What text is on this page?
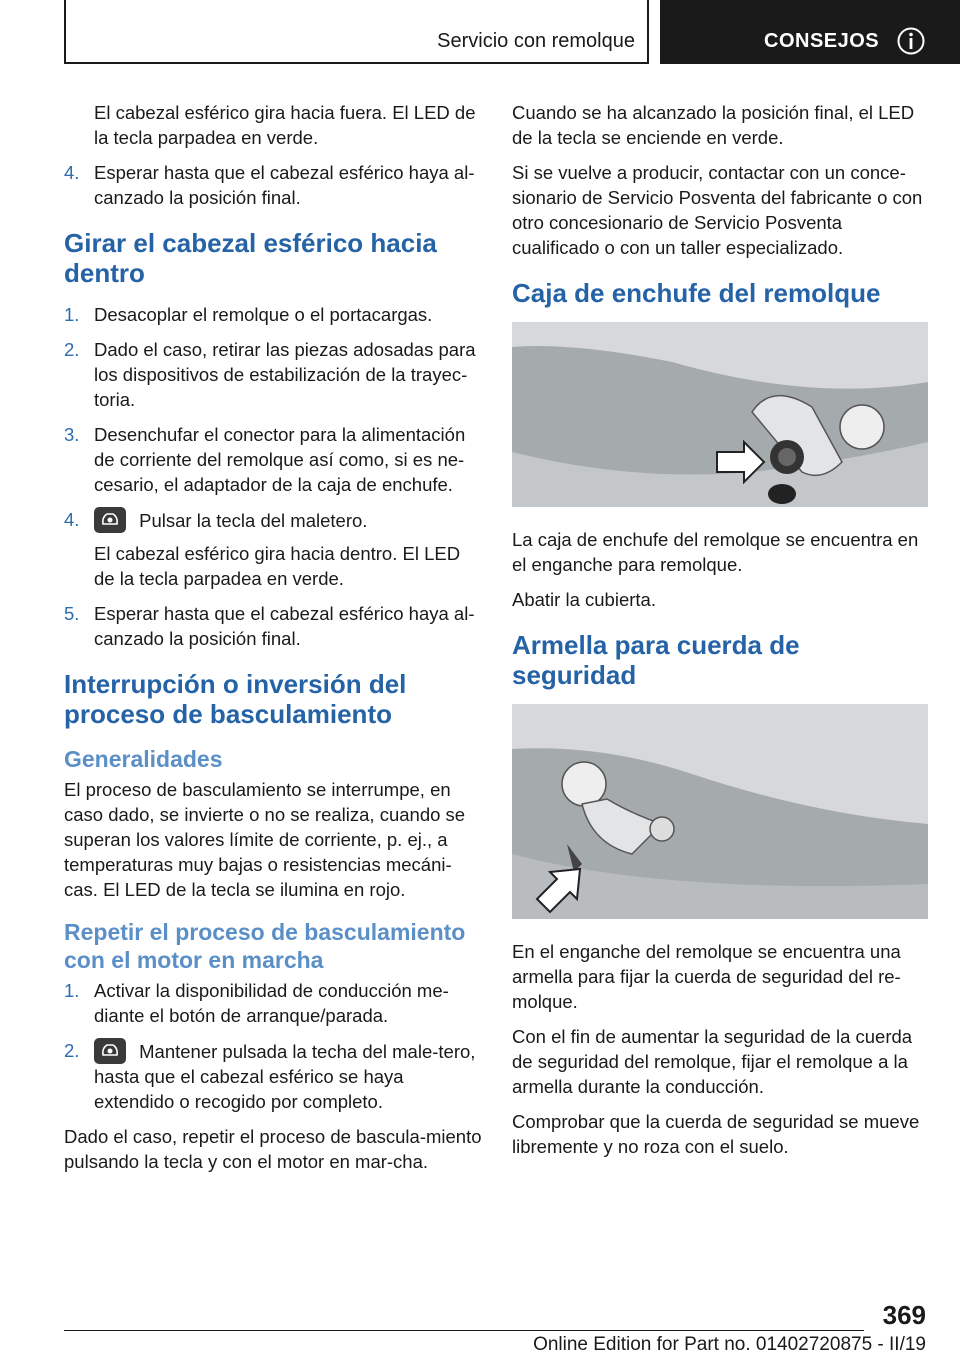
Servicio con remolque	CONSEJOS

El cabezal esférico gira hacia fuera. El LED de la tecla parpadea en verde.

4. Esperar hasta que el cabezal esférico haya al-canzado la posición final.
Girar el cabezal esférico hacia dentro
1. Desacoplar el remolque o el portacargas.
2. Dado el caso, retirar las piezas adosadas para los dispositivos de estabilización de la trayec-toria.
3. Desenchufar el conector para la alimentación de corriente del remolque así como, si es ne-cesario, el adaptador de la caja de enchufe.
4.	Pulsar la tecla del maletero.

El cabezal esférico gira hacia dentro. El LED de la tecla parpadea en verde.

5. Esperar hasta que el cabezal esférico haya al-canzado la posición final.
Interrupción o inversión del proceso de basculamiento
Generalidades

El proceso de basculamiento se interrumpe, en caso dado, se invierte o no se realiza, cuando se superan los valores límite de corriente, p. ej., a temperaturas muy bajas o resistencias mecáni-cas. El LED de la tecla se ilumina en rojo.

Repetir el proceso de basculamiento con el motor en marcha
1. Activar la disponibilidad de conducción me-diante el botón de arranque/parada.
2.	Mantener pulsada la techa del male-tero, hasta que el cabezal esférico se haya extendido o recogido por completo.

Dado el caso, repetir el proceso de bascula-miento pulsando la tecla y con el motor en mar-cha.

Cuando se ha alcanzado la posición final, el LED de la tecla se enciende en verde.

Si se vuelve a producir, contactar con un conce-sionario de Servicio Posventa del fabricante o con otro concesionario de Servicio Posventa cualificado o con un taller especializado.

Caja de enchufe del remolque

La caja de enchufe del remolque se encuentra en el enganche para remolque.

Abatir la cubierta.

Armella para cuerda de seguridad

En el enganche del remolque se encuentra una armella para fijar la cuerda de seguridad del re-molque.

Con el fin de aumentar la seguridad de la cuerda de seguridad del remolque, fijar el remolque a la armella durante la conducción.

Comprobar que la cuerda de seguridad se mueve libremente y no roza con el suelo.

369
Online Edition for Part no. 01402720875 - II/19
